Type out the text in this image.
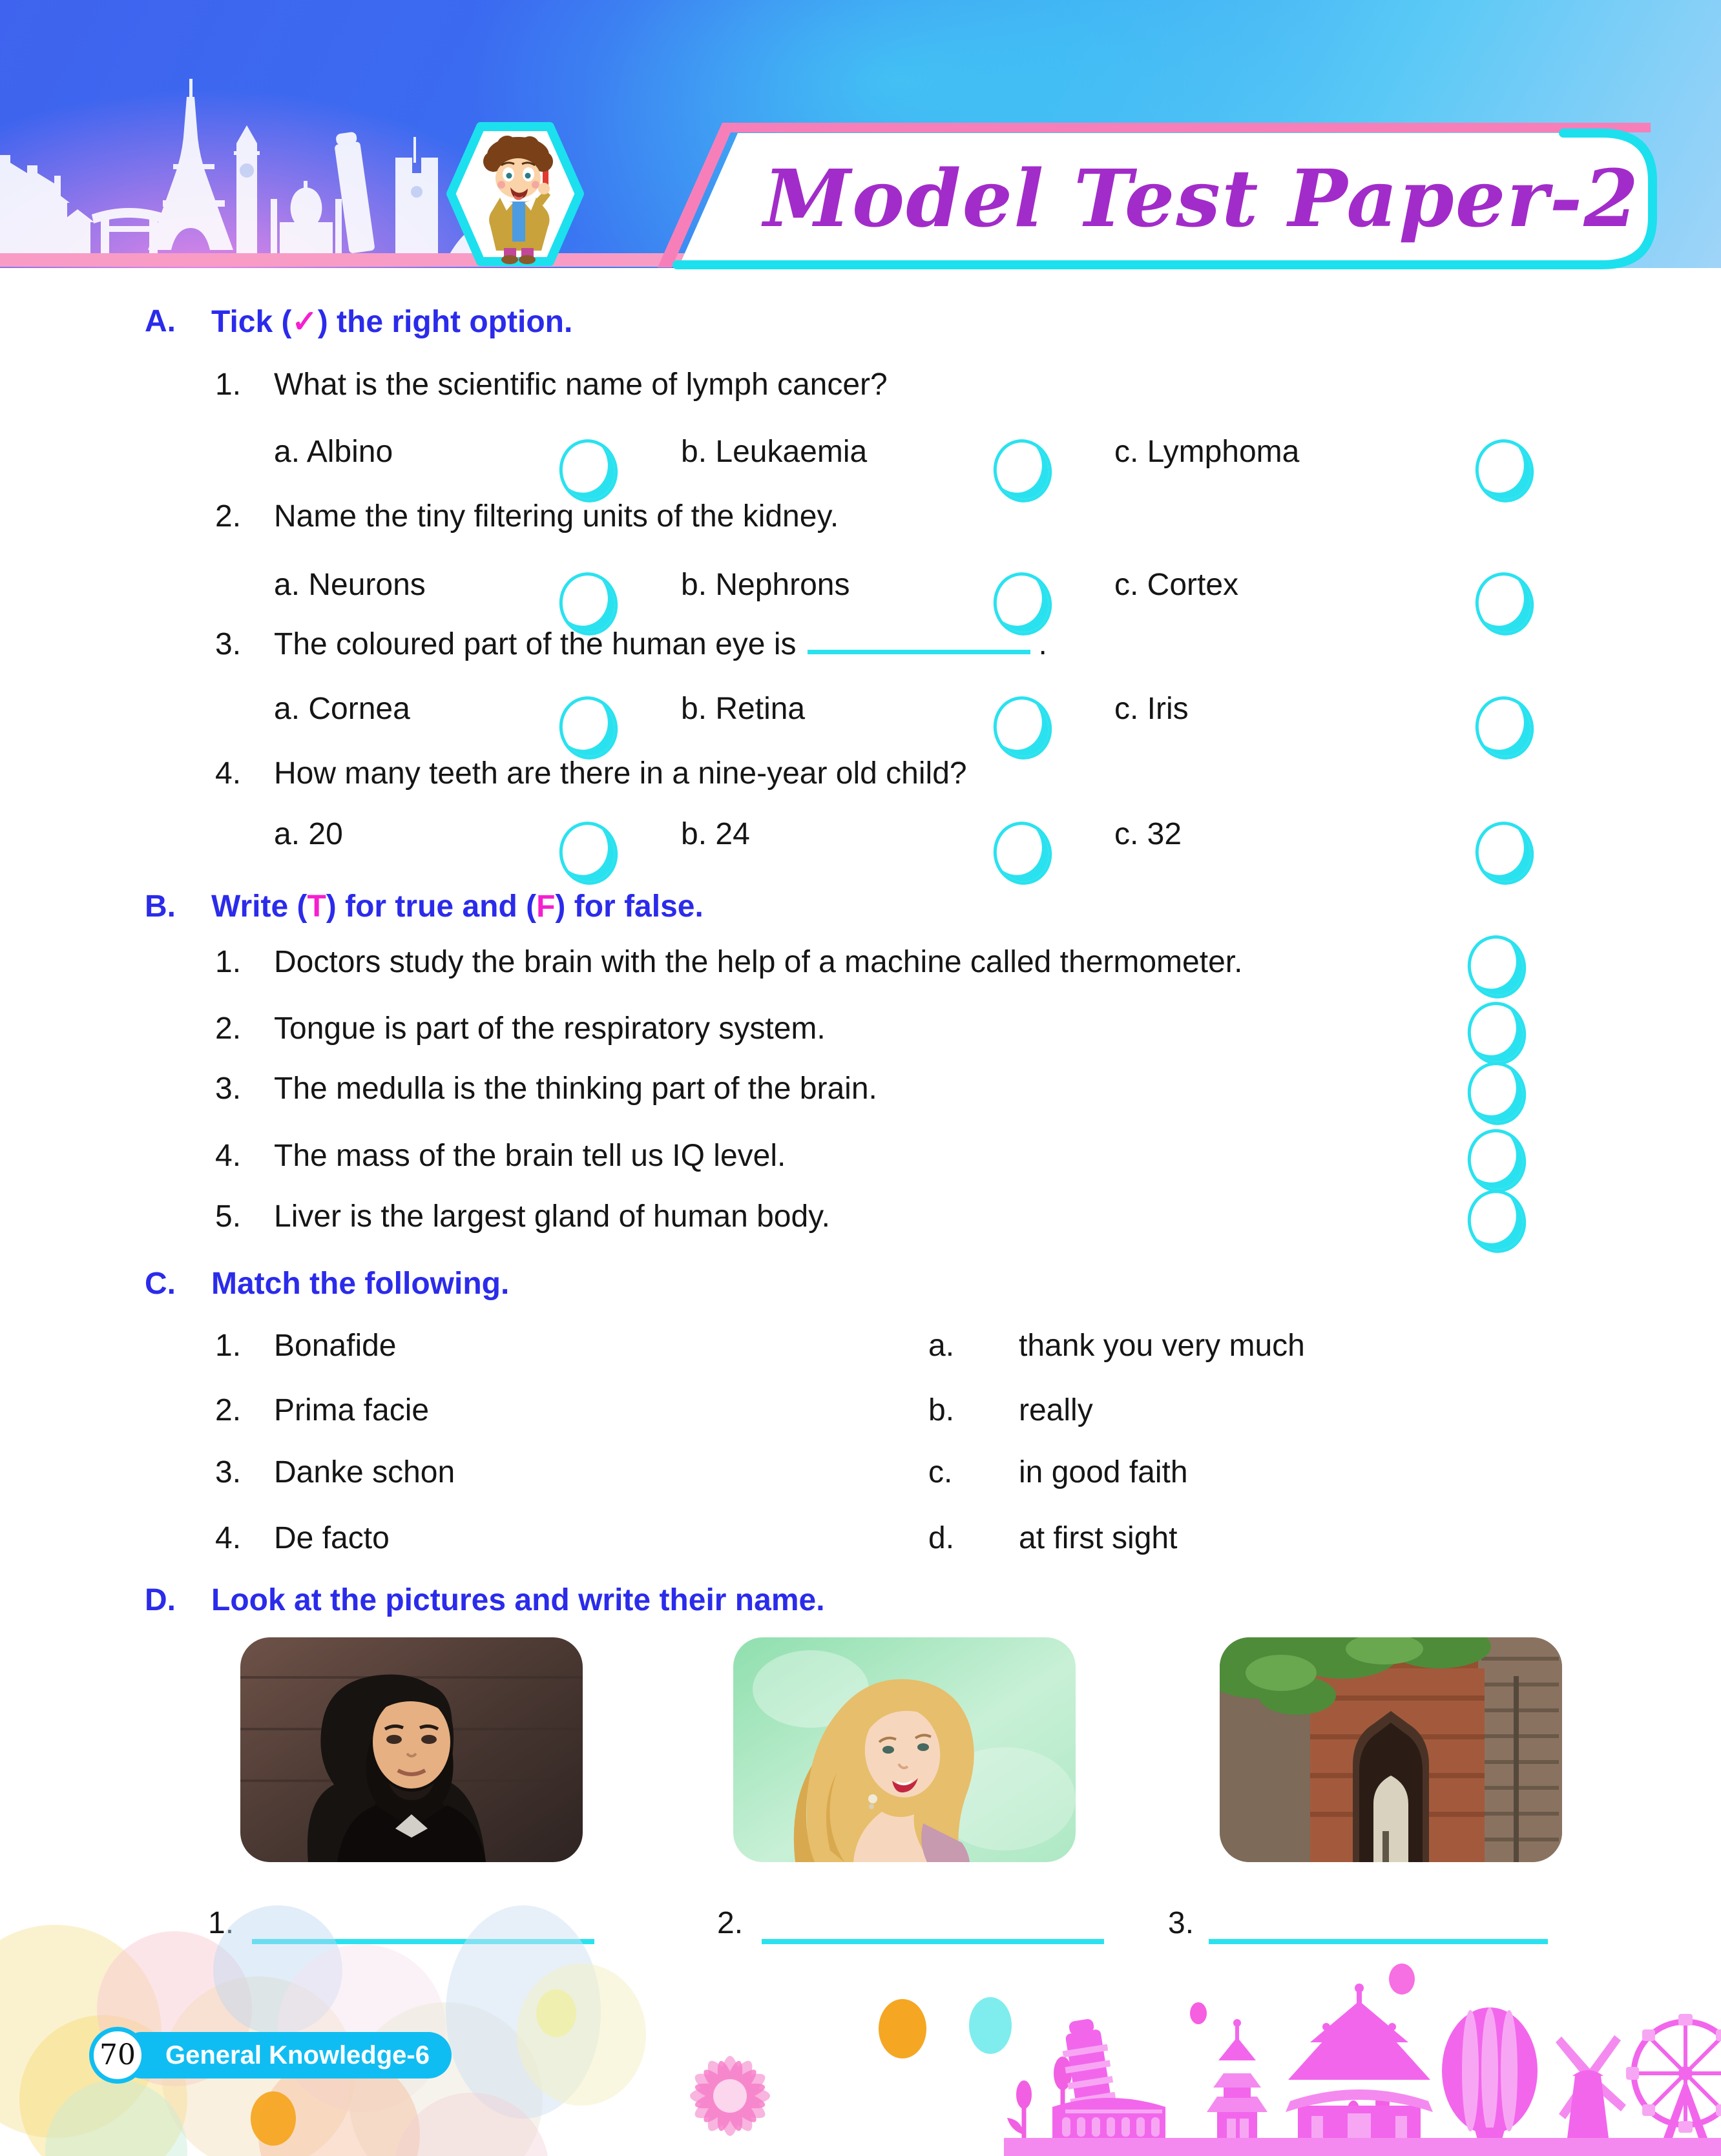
Model Test Paper-2
A. Tick (✓) the right option.
1. What is the scientific name of lymph cancer?
a. Albino	b. Leukaemia	c. Lymphoma
2. Name the tiny filtering units of the kidney.
a. Neurons	b. Nephrons	c. Cortex
3. The coloured part of the human eye is	.
a. Cornea	b. Retina	c. Iris
4. How many teeth are there in a nine-year old child?
a. 20	b. 24	c. 32
B. Write (T) for true and (F) for false.
1. Doctors study the brain with the help of a machine called thermometer.
2. Tongue is part of the respiratory system.
3. The medulla is the thinking part of the brain.
4. The mass of the brain tell us IQ level.
5. Liver is the largest gland of human body.
C. Match the following.
1. Bonafide	a. thank you very much
2. Prima facie	b. really
3. Danke schon	c. in good faith
4. De facto	d. at first sight
D. Look at the pictures and write their name.
1.	2.	3.
General Knowledge-6
70
